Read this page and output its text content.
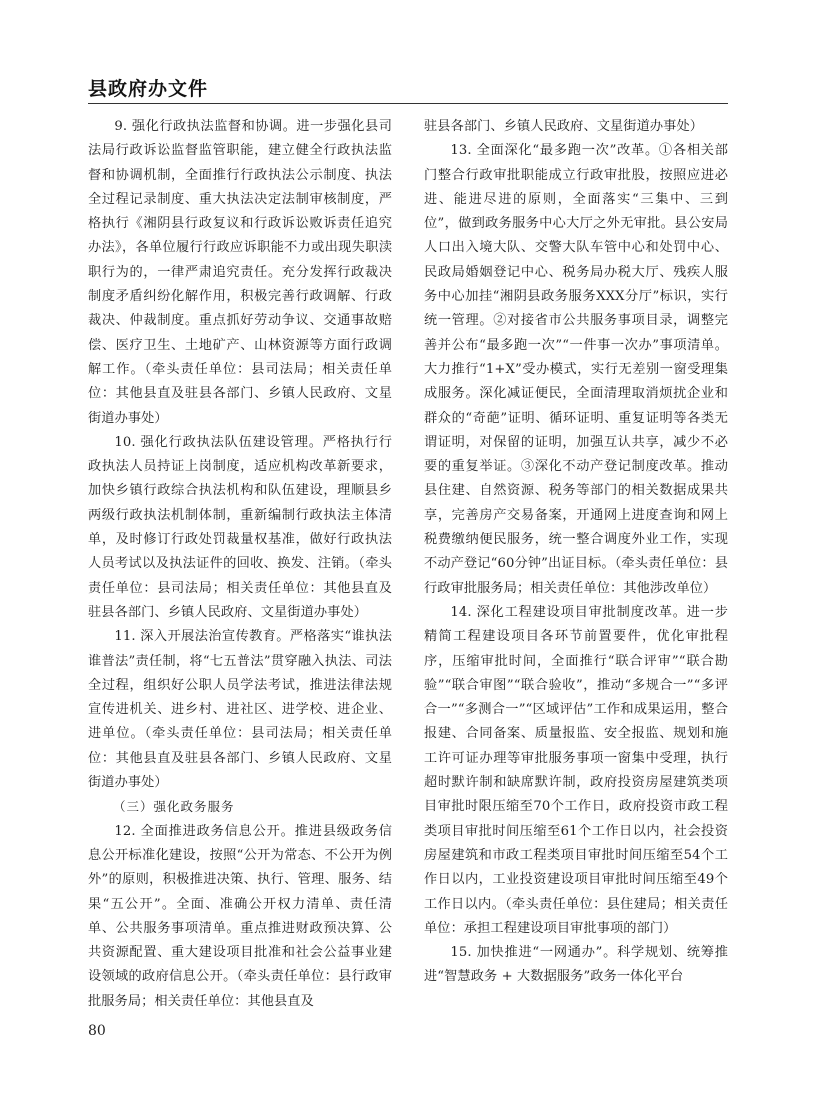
县政府办文件

9. 强化行政执法监督和协调。进一步强化县司法局行政诉讼监督监管职能，建立健全行政执法监督和协调机制，全面推行行政执法公示制度、执法全过程记录制度、重大执法决定法制审核制度，严格执行《湘阴县行政复议和行政诉讼败诉责任追究办法》，各单位履行行政应诉职能不力或出现失职渎职行为的，一律严肃追究责任。充分发挥行政裁决制度矛盾纠纷化解作用，积极完善行政调解、行政裁决、仲裁制度。重点抓好劳动争议、交通事故赔偿、医疗卫生、土地矿产、山林资源等方面行政调解工作。（牵头责任单位：县司法局；相关责任单位：其他县直及驻县各部门、乡镇人民政府、文星街道办事处）

10. 强化行政执法队伍建设管理。严格执行行政执法人员持证上岗制度，适应机构改革新要求，加快乡镇行政综合执法机构和队伍建设，理顺县乡两级行政执法机制体制，重新编制行政执法主体清单，及时修订行政处罚裁量权基准，做好行政执法人员考试以及执法证件的回收、换发、注销。（牵头责任单位：县司法局；相关责任单位：其他县直及驻县各部门、乡镇人民政府、文星街道办事处）

11. 深入开展法治宣传教育。严格落实“谁执法谁普法”责任制，将“七五普法”贯穿融入执法、司法全过程，组织好公职人员学法考试，推进法律法规宣传进机关、进乡村、进社区、进学校、进企业、进单位。（牵头责任单位：县司法局；相关责任单位：其他县直及驻县各部门、乡镇人民政府、文星街道办事处）

（三）强化政务服务

12. 全面推进政务信息公开。推进县级政务信息公开标准化建设，按照“公开为常态、不公开为例外”的原则，积极推进决策、执行、管理、服务、结果“五公开”。全面、准确公开权力清单、责任清单、公共服务事项清单。重点推进财政预决算、公共资源配置、重大建设项目批准和社会公益事业建设领域的政府信息公开。（牵头责任单位：县行政审批服务局；相关责任单位：其他县直及

驻县各部门、乡镇人民政府、文星街道办事处）

13. 全面深化“最多跑一次”改革。①各相关部门整合行政审批职能成立行政审批股，按照应进必进、能进尽进的原则，全面落实“三集中、三到位”，做到政务服务中心大厅之外无审批。县公安局人口出入境大队、交警大队车管中心和处罚中心、民政局婚姻登记中心、税务局办税大厅、残疾人服务中心加挂“湘阴县政务服务XXX分厅”标识，实行统一管理。②对接省市公共服务事项目录，调整完善并公布“最多跑一次”“一件事一次办”事项清单。大力推行“1+X”受办模式，实行无差别一窗受理集成服务。深化减证便民，全面清理取消烦扰企业和群众的“奇葩”证明、循环证明、重复证明等各类无谓证明，对保留的证明，加强互认共享，减少不必要的重复举证。③深化不动产登记制度改革。推动县住建、自然资源、税务等部门的相关数据成果共享，完善房产交易备案，开通网上进度查询和网上税费缴纳便民服务，统一整合调度外业工作，实现不动产登记“60分钟”出证目标。（牵头责任单位：县行政审批服务局；相关责任单位：其他涉改单位）

14. 深化工程建设项目审批制度改革。进一步精简工程建设项目各环节前置要件，优化审批程序，压缩审批时间，全面推行“联合评审”“联合勘验”“联合审图”“联合验收”，推动“多规合一”“多评合一”“多测合一”“区域评估”工作和成果运用，整合报建、合同备案、质量报监、安全报监、规划和施工许可证办理等审批服务事项一窗集中受理，执行超时默许制和缺席默许制，政府投资房屋建筑类项目审批时限压缩至70个工作日，政府投资市政工程类项目审批时间压缩至61个工作日以内，社会投资房屋建筑和市政工程类项目审批时间压缩至54个工作日以内，工业投资建设项目审批时间压缩至49个工作日以内。（牵头责任单位：县住建局；相关责任单位：承担工程建设项目审批事项的部门）

15. 加快推进“一网通办”。科学规划、统筹推进“智慧政务 + 大数据服务”政务一体化平台

80
